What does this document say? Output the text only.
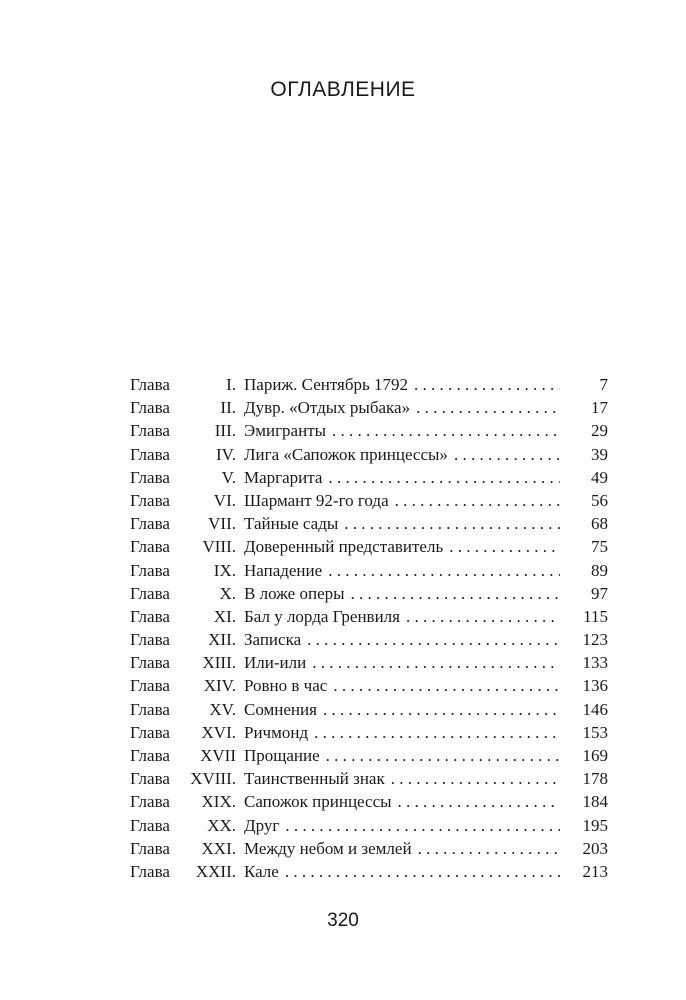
ОГЛАВЛЕНИЕ
Глава	I. Париж. Сентябрь 1792 . . .	7
Глава	II. Дувр. «Отдых рыбака» . . .	17
Глава	III. Эмигранты . . .	29
Глава	IV. Лига «Сапожок принцессы» . . .	39
Глава	V. Маргарита . . .	49
Глава	VI. Шармант 92-го года . . .	56
Глава VII. Тайные сады . . .	68
Глава VIII. Доверенный представитель . . .	75
Глава	IX. Нападение . . .	89
Глава	X. В ложе оперы . . .	97
Глава	XI. Бал у лорда Гренвиля . . .	115
Глава XII. Записка . . .	123
Глава XIII. Или-или . . .	133
Глава XIV. Ровно в час . . .	136
Глава XV. Сомнения . . .	146
Глава XVI. Ричмонд . . .	153
Глава XVII Прощание . . .	169
Глава XVIII. Таинственный знак . . .	178
Глава XIX. Сапожок принцессы . . .	184
Глава XX. Друг . . .	195
Глава XXI. Между небом и землей . . .	203
Глава XXII. Кале . . .	213
320
